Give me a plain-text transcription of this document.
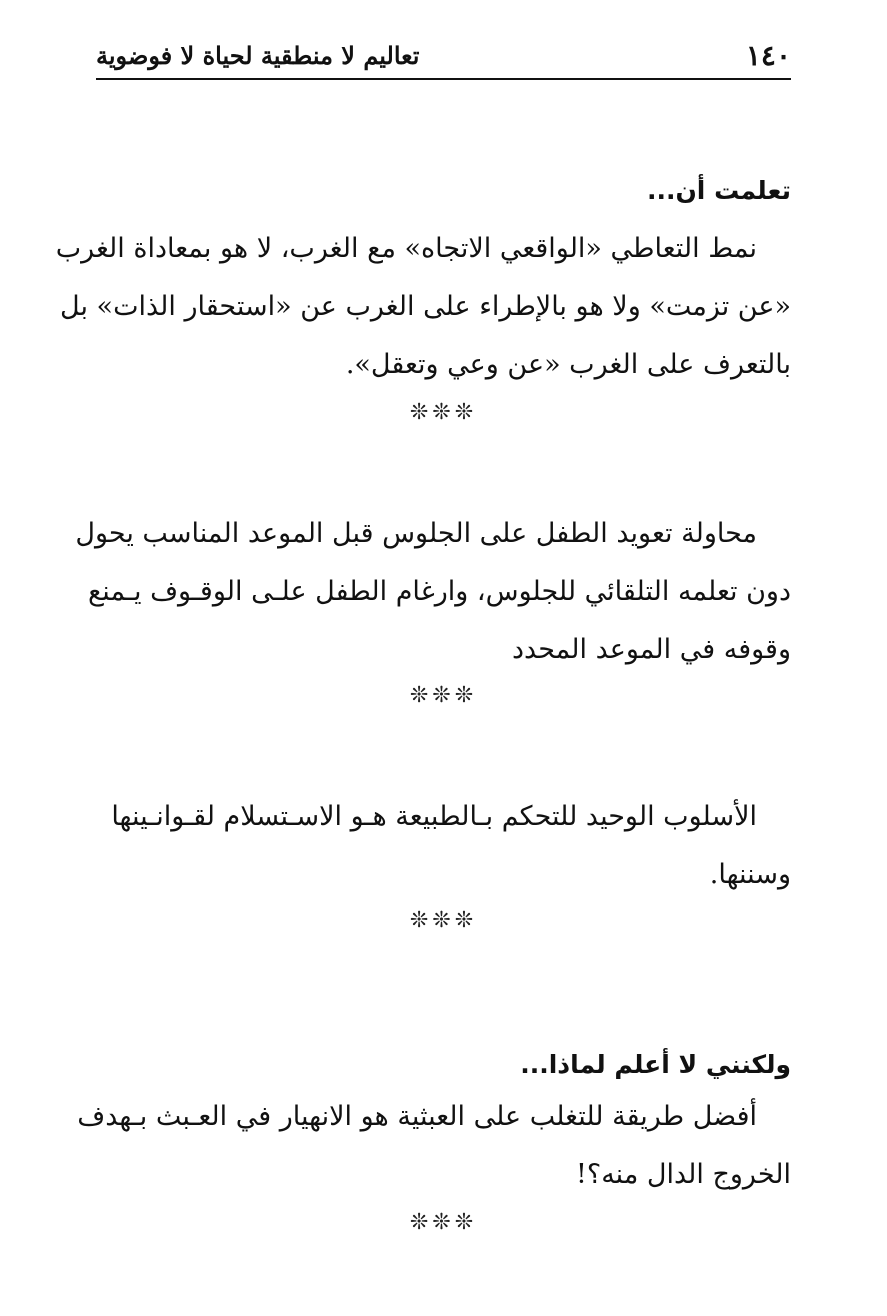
١٤٠
تعاليم لا منطقية لحياة لا فوضوية
تعلمت أن...
نمط التعاطي «الواقعي الاتجاه» مع الغرب، لا هو بمعاداة الغرب
«عن تزمت» ولا هو بالإطراء على الغرب عن «استحقار الذات» بل
بالتعرف على الغرب «عن وعي وتعقل».
❊❊❊
محاولة تعويد الطفل على الجلوس قبل الموعد المناسب يحول
دون تعلمه التلقائي للجلوس، وارغام الطفل علـى الوقـوف يـمنع
وقوفه في الموعد المحدد
❊❊❊
الأسلوب الوحيد للتحكم بـالطبيعة هـو الاسـتسلام لقـوانـينها
وسننها.
❊❊❊
ولكنني لا أعلم لماذا...
أفضل طريقة للتغلب على العبثية هو الانهيار في العـبث بـهدف
الخروج الدال منه؟!
❊❊❊
